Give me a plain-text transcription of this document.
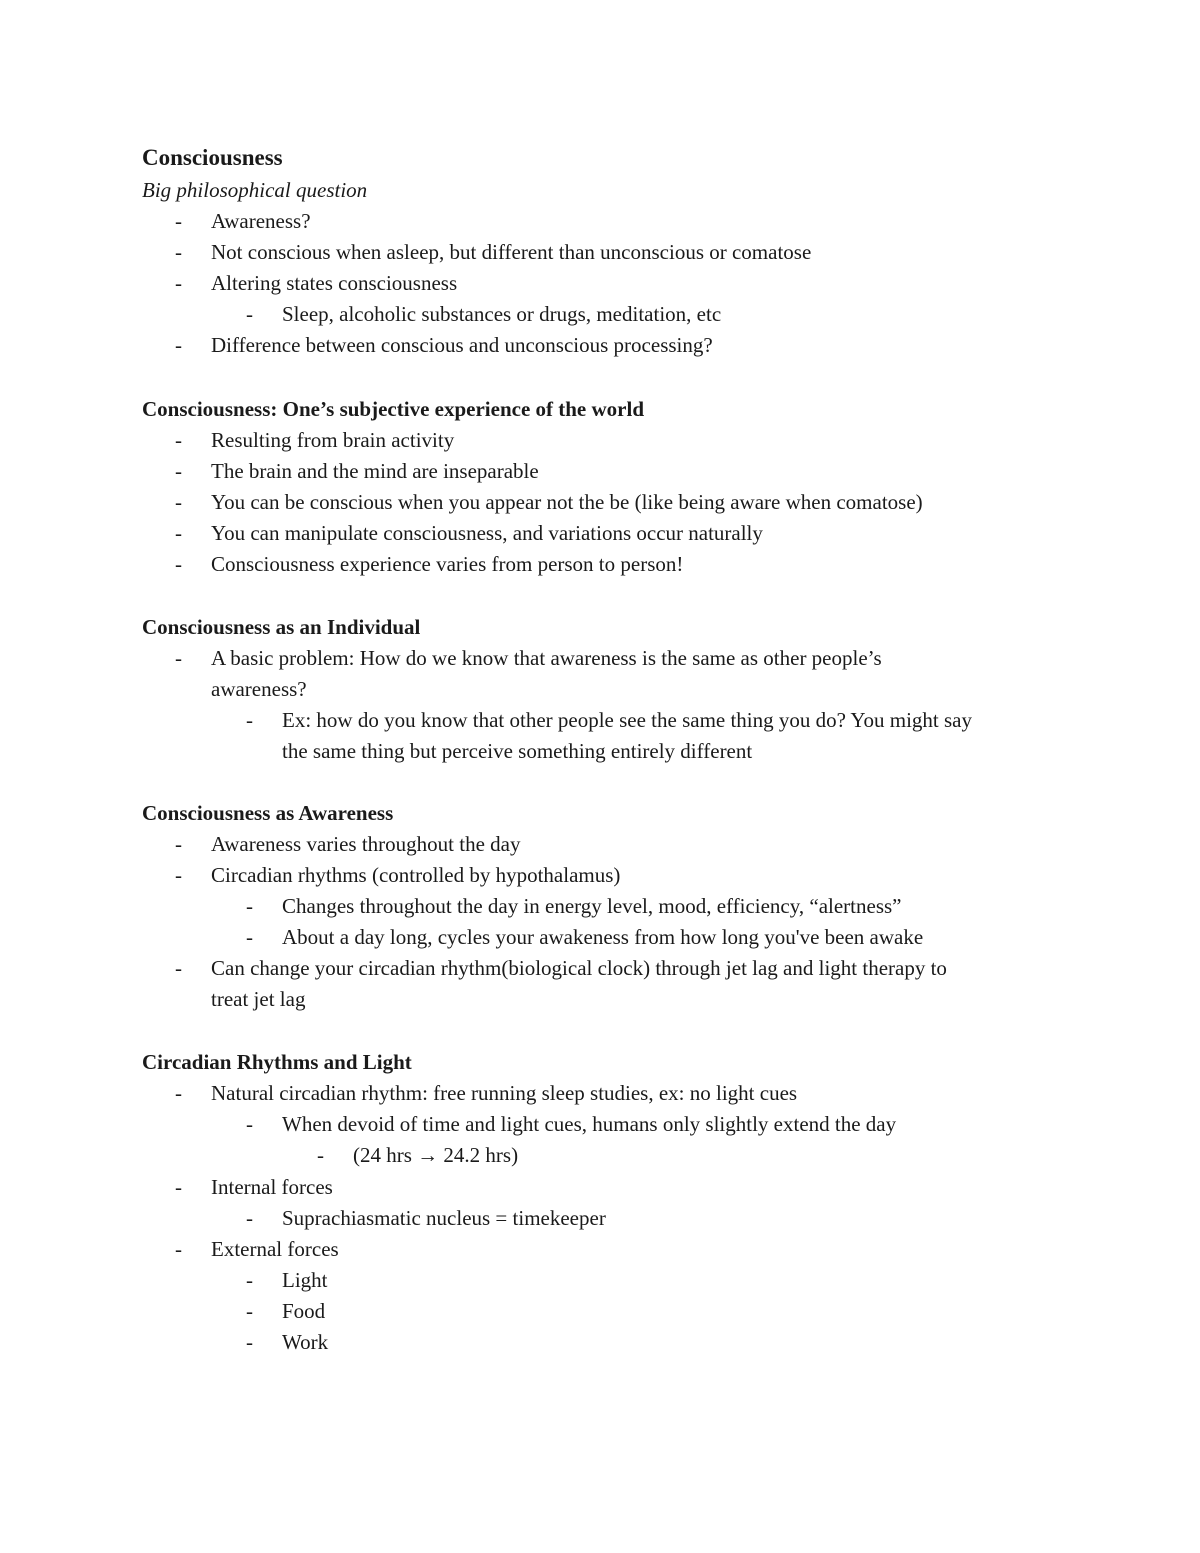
Consciousness
Big philosophical question
- Awareness?
- Not conscious when asleep, but different than unconscious or comatose
- Altering states consciousness
- Sleep, alcoholic substances or drugs, meditation, etc
- Difference between conscious and unconscious processing?
Consciousness: One’s subjective experience of the world
- Resulting from brain activity
- The brain and the mind are inseparable
- You can be conscious when you appear not the be (like being aware when comatose)
- You can manipulate consciousness, and variations occur naturally
- Consciousness experience varies from person to person!
Consciousness as an Individual
- A basic problem: How do we know that awareness is the same as other people’s
awareness?
- Ex: how do you know that other people see the same thing you do? You might say
the same thing but perceive something entirely different
Consciousness as Awareness
- Awareness varies throughout the day
- Circadian rhythms (controlled by hypothalamus)
- Changes throughout the day in energy level, mood, efficiency, “alertness”
- About a day long, cycles your awakeness from how long you've been awake
- Can change your circadian rhythm(biological clock) through jet lag and light therapy to
treat jet lag
Circadian Rhythms and Light
- Natural circadian rhythm: free running sleep studies, ex: no light cues
- When devoid of time and light cues, humans only slightly extend the day
- (24 hrs → 24.2 hrs)
- Internal forces
- Suprachiasmatic nucleus = timekeeper
- External forces
- Light
- Food
- Work
